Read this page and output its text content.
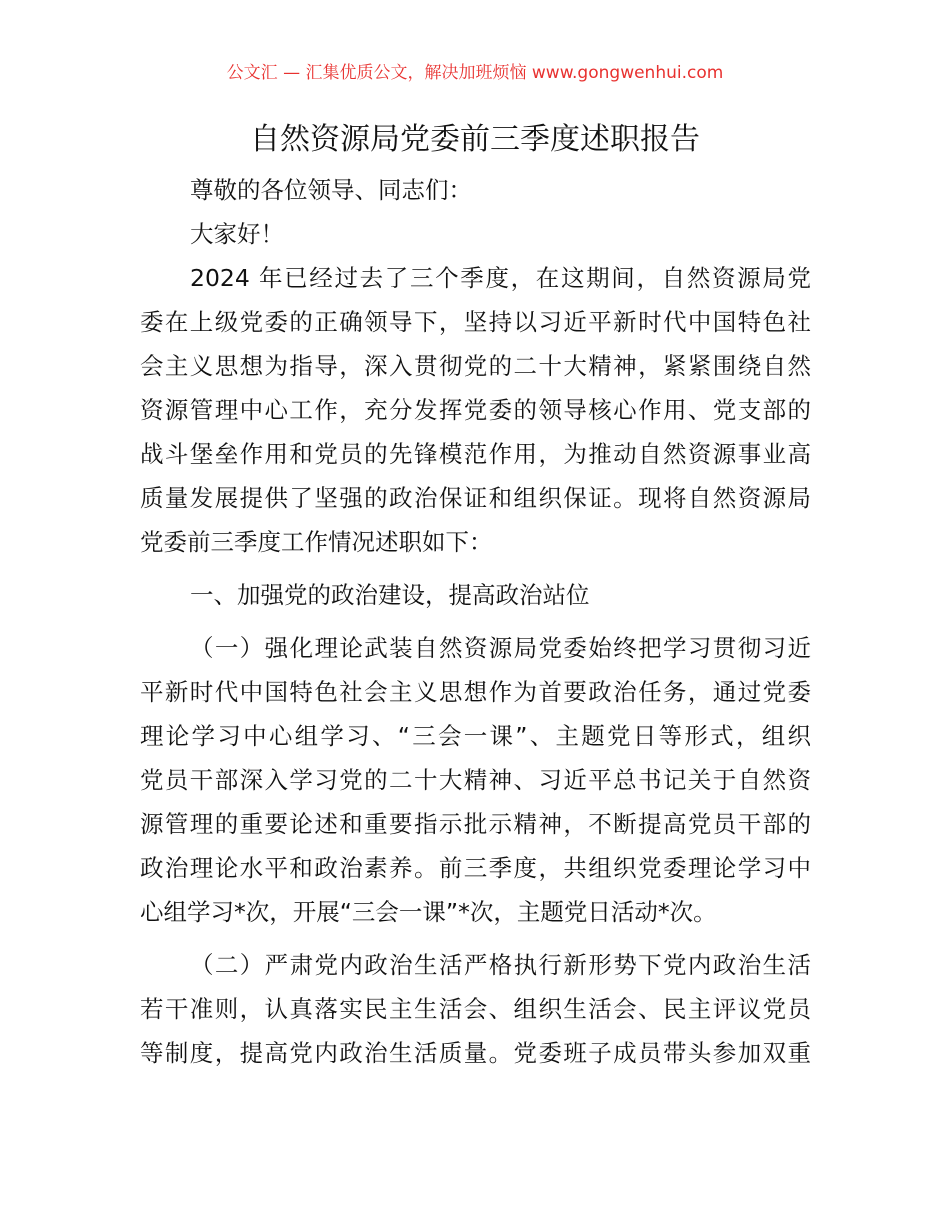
公文汇 — 汇集优质公文，解决加班烦恼 www.gongwenhui.com
自然资源局党委前三季度述职报告
尊敬的各位领导、同志们：
大家好！
2024 年已经过去了三个季度，在这期间，自然资源局党
委在上级党委的正确领导下，坚持以习近平新时代中国特色社
会主义思想为指导，深入贯彻党的二十大精神，紧紧围绕自然
资源管理中心工作，充分发挥党委的领导核心作用、党支部的
战斗堡垒作用和党员的先锋模范作用，为推动自然资源事业高
质量发展提供了坚强的政治保证和组织保证。现将自然资源局
党委前三季度工作情况述职如下：
一、加强党的政治建设，提高政治站位
（一）强化理论武装自然资源局党委始终把学习贯彻习近
平新时代中国特色社会主义思想作为首要政治任务，通过党委
理论学习中心组学习、“三会一课”、主题党日等形式，组织
党员干部深入学习党的二十大精神、习近平总书记关于自然资
源管理的重要论述和重要指示批示精神，不断提高党员干部的
政治理论水平和政治素养。前三季度，共组织党委理论学习中
心组学习*次，开展“三会一课”*次，主题党日活动*次。
（二）严肃党内政治生活严格执行新形势下党内政治生活
若干准则，认真落实民主生活会、组织生活会、民主评议党员
等制度，提高党内政治生活质量。党委班子成员带头参加双重
